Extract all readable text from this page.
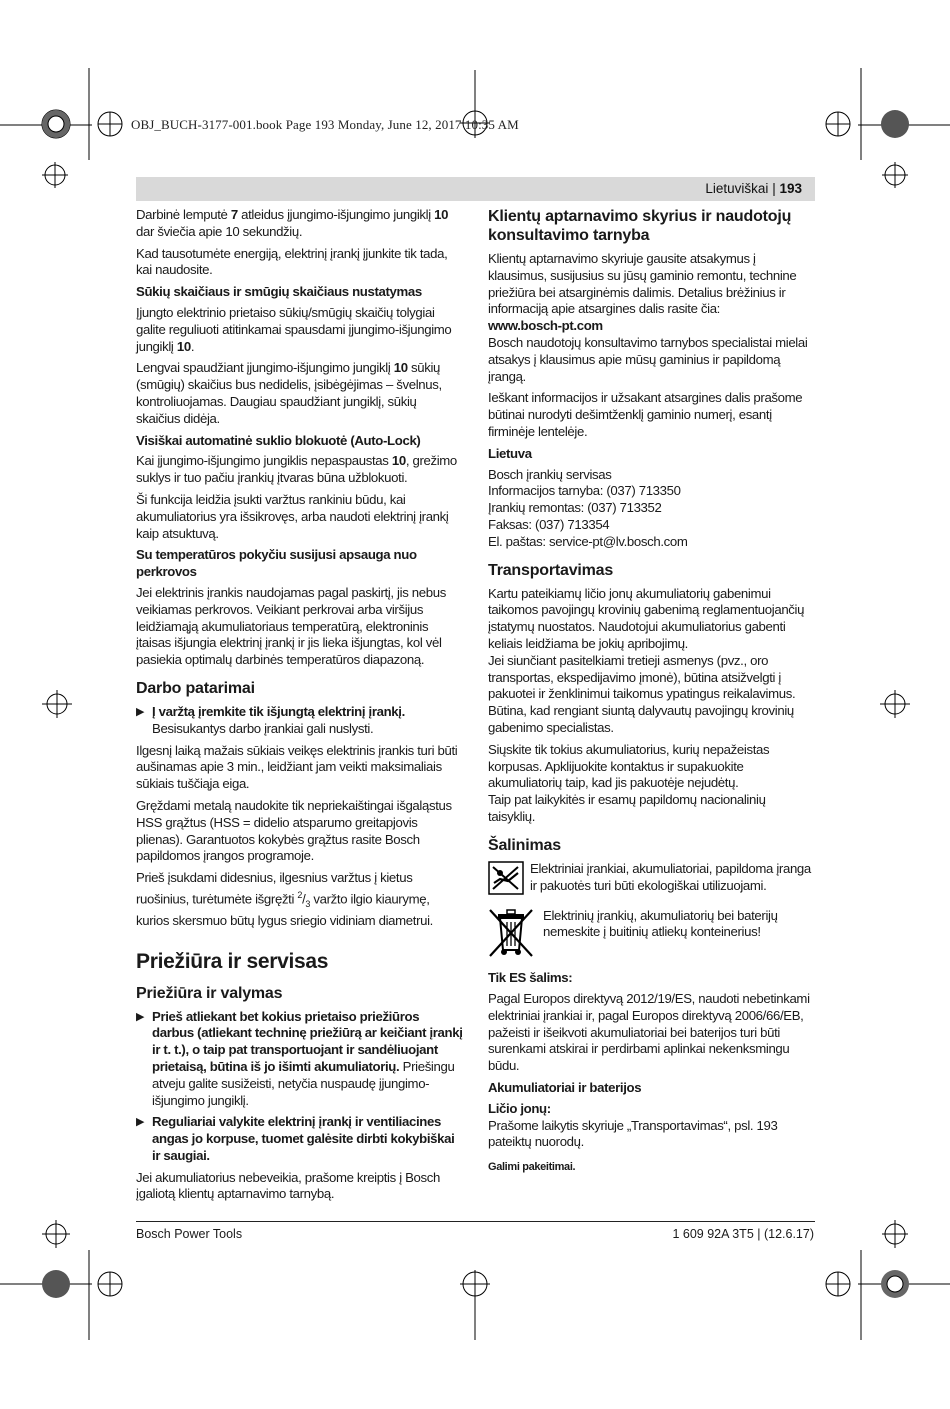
OBJ_BUCH-3177-001.book Page 193 Monday, June 12, 2017 10:35 AM
Lietuviškai | 193

Darbinė lemputė 7 atleidus įjungimo-išjungimo jungiklį 10 dar šviečia apie 10 sekundžių.

Kad tausotumėte energiją, elektrinį įrankį įjunkite tik tada, kai naudosite.

Sūkių skaičiaus ir smūgių skaičiaus nustatymas

Įjungto elektrinio prietaiso sūkių/smūgių skaičių tolygiai galite reguliuoti atitinkamai spausdami įjungimo-išjungimo jungiklį 10.

Lengvai spaudžiant įjungimo-išjungimo jungiklį 10 sūkių (smūgių) skaičius bus nedidelis, įsibėgėjimas – švelnus, kontroliuojamas. Daugiau spaudžiant jungiklį, sūkių skaičius didėja.

Visiškai automatinė suklio blokuotė (Auto-Lock)

Kai įjungimo-išjungimo jungiklis nepaspaustas 10, grežimo suklys ir tuo pačiu įrankių įtvaras būna užblokuoti.

Ši funkcija leidžia įsukti varžtus rankiniu būdu, kai akumuliatorius yra išsikrovęs, arba naudoti elektrinį įrankį kaip atsuktuvą.

Su temperatūros pokyčiu susijusi apsauga nuo perkrovos

Jei elektrinis įrankis naudojamas pagal paskirtį, jis nebus veikiamas perkrovos. Veikiant perkrovai arba viršijus leidžiamąją akumuliatoriaus temperatūrą, elektroninis įtaisas išjungia elektrinį įrankį ir jis lieka išjungtas, kol vėl pasiekia optimalų darbinės temperatūros diapazoną.

Darbo patarimai
▶ Į varžtą įremkite tik išjungtą elektrinį įrankį. Besisukantys darbo įrankiai gali nuslysti.

Ilgesnį laiką mažais sūkiais veikęs elektrinis įrankis turi būti aušinamas apie 3 min., leidžiant jam veikti maksimaliais sūkiais tuščiąja eiga.

Gręždami metalą naudokite tik nepriekaištingai išgaląstus HSS grąžtus (HSS = didelio atsparumo greitapjovis plienas). Garantuotos kokybės grąžtus rasite Bosch papildomos įrangos programoje.

Prieš įsukdami didesnius, ilgesnius varžtus į kietus ruošinius, turėtumėte išgręžti $^2/_3$ varžto ilgio kiaurymę, kurios skersmuo būtų lygus sriegio vidiniam diametrui.

Priežiūra ir servisas
Priežiūra ir valymas
▶ Prieš atliekant bet kokius prietaiso priežiūros darbus (atliekant techninę priežiūrą ar keičiant įrankį ir t. t.), o taip pat transportuojant ir sandėliuojant prietaisą, būtina iš jo išimti akumuliatorių. Priešingu atveju galite susižeisti, netyčia nuspaudę įjungimo-išjungimo jungiklį.
▶ Reguliariai valykite elektrinį įrankį ir ventiliacines angas jo korpuse, tuomet galėsite dirbti kokybiškai ir saugiai.

Jei akumuliatorius nebeveikia, prašome kreiptis į Bosch įgaliotą klientų aptarnavimo tarnybą.

Klientų aptarnavimo skyrius ir naudotojų konsultavimo tarnyba

Klientų aptarnavimo skyriuje gausite atsakymus į klausimus, susijusius su jūsų gaminio remontu, technine priežiūra bei atsarginėmis dalimis. Detalius brėžinius ir informaciją apie atsargines dalis rasite čia:

www.bosch-pt.com

Bosch naudotojų konsultavimo tarnybos specialistai mielai atsakys į klausimus apie mūsų gaminius ir papildomą įrangą.

Ieškant informacijos ir užsakant atsargines dalis prašome būtinai nurodyti dešimtženklį gaminio numerį, esantį firminėje lentelėje.

Lietuva
Bosch įrankių servisas
Informacijos tarnyba: (037) 713350
Įrankių remontas: (037) 713352
Faksas: (037) 713354
El. paštas: service-pt@lv.bosch.com
Transportavimas

Kartu pateikiamų ličio jonų akumuliatorių gabenimui taikomos pavojingų krovinių gabenimą reglamentuojančių įstatymų nuostatos. Naudotojui akumuliatorius gabenti keliais leidžiama be jokių apribojimų.

Jei siunčiant pasitelkiami tretieji asmenys (pvz., oro transportas, ekspedijavimo įmonė), būtina atsižvelgti į pakuotei ir ženklinimui taikomus ypatingus reikalavimus. Būtina, kad rengiant siuntą dalyvautų pavojingų krovinių gabenimo specialistas.

Siųskite tik tokius akumuliatorius, kurių nepažeistas korpusas. Apklijuokite kontaktus ir supakuokite akumuliatorių taip, kad jis pakuotėje nejudėtų.

Taip pat laikykitės ir esamų papildomų nacionalinių taisyklių.

Šalinimas
Elektriniai įrankiai, akumuliatoriai, papildoma įranga ir pakuotės turi būti ekologiškai utilizuojami.
Elektrinių įrankių, akumuliatorių bei baterijų nemeskite į buitinių atliekų konteinerius!
Tik ES šalims:

Pagal Europos direktyvą 2012/19/ES, naudoti nebetinkami elektriniai įrankiai ir, pagal Europos direktyvą 2006/66/EB, pažeisti ir išeikvoti akumuliatoriai bei baterijos turi būti surenkami atskirai ir perdirbami aplinkai nekenksmingu būdu.

Akumuliatoriai ir baterijos
Ličio jonų:

Prašome laikytis skyriuje „Transportavimas“, psl. 193 pateiktų nuorodų.

Galimi pakeitimai.
Bosch Power Tools	1 609 92A 3T5 | (12.6.17)
